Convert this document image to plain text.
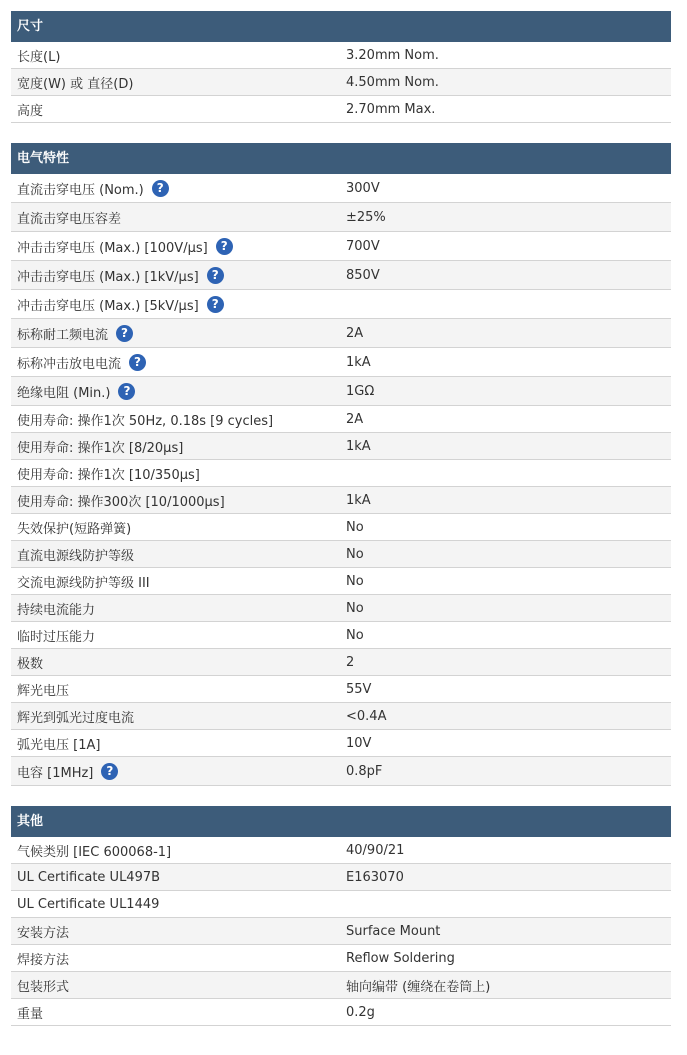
尺寸
长度(L)	3.20mm Nom.
宽度(W) 或 直径(D)	4.50mm Nom.
高度	2.70mm Max.
电气特性
直流击穿电压 (Nom.)	?	300V
直流击穿电压容差	±25%
冲击击穿电压 (Max.) [100V/µs]	?	700V
冲击击穿电压 (Max.) [1kV/µs]	?	850V
冲击击穿电压 (Max.) [5kV/µs]	?
标称耐工频电流	?	2A
标称冲击放电电流	?	1kA
绝缘电阻 (Min.)	?	1GΩ
使用寿命: 操作1次 50Hz, 0.18s [9 cycles]	2A
使用寿命: 操作1次 [8/20µs]	1kA
使用寿命: 操作1次 [10/350µs]
使用寿命: 操作300次 [10/1000µs]	1kA
失效保护(短路弹簧)	No
直流电源线防护等级	No
交流电源线防护等级 III	No
持续电流能力	No
临时过压能力	No
极数	2
辉光电压	55V
辉光到弧光过度电流	<0.4A
弧光电压 [1A]	10V
电容 [1MHz]	?	0.8pF
其他
气候类别 [IEC 600068-1]	40/90/21
UL Certificate UL497B	E163070
UL Certificate UL1449
安装方法	Surface Mount
焊接方法	Reflow Soldering
包装形式	轴向编带 (缠绕在卷筒上)
重量	0.2g
